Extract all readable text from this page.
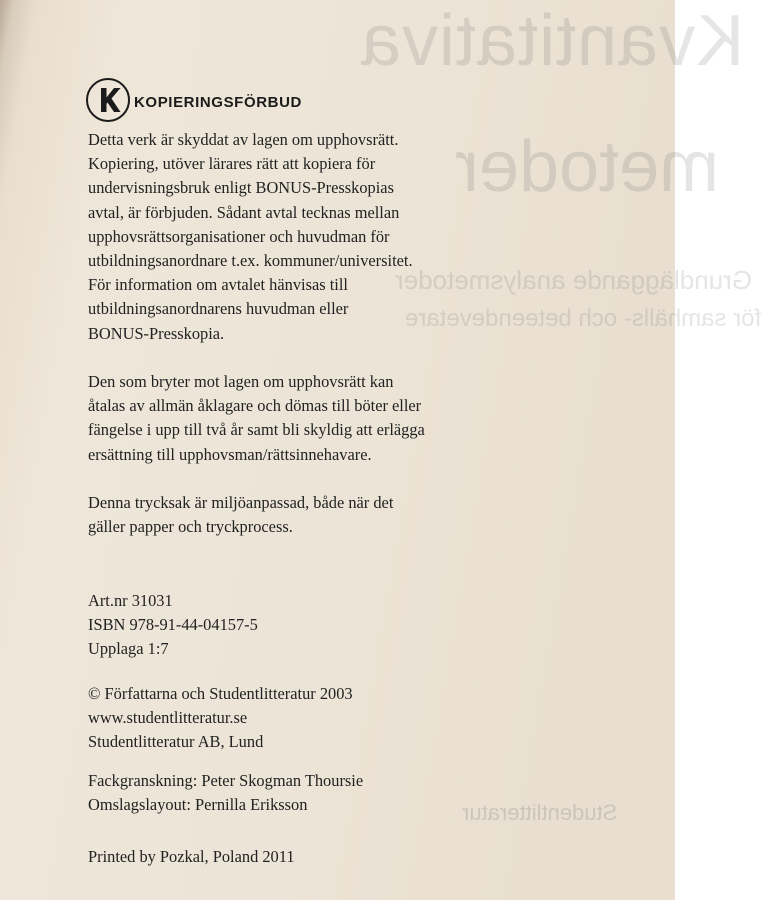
Kvantitativa
metoder
Grundläggande analysmetoder
för samhälls- och beteendevetare
Studentlitteratur
KOPIERINGSFÖRBUD
Detta verk är skyddat av lagen om upphovsrätt.
Kopiering, utöver lärares rätt att kopiera för
undervisningsbruk enligt BONUS-Presskopias
avtal, är förbjuden. Sådant avtal tecknas mellan
upphovsrättsorganisationer och huvudman för
utbildningsanordnare t.ex. kommuner/universitet.
För information om avtalet hänvisas till
utbildningsanordnarens huvudman eller
BONUS-Presskopia.
Den som bryter mot lagen om upphovsrätt kan
åtalas av allmän åklagare och dömas till böter eller
fängelse i upp till två år samt bli skyldig att erlägga
ersättning till upphovsman/rättsinnehavare.
Denna trycksak är miljöanpassad, både när det
gäller papper och tryckprocess.
Art.nr 31031
ISBN 978-91-44-04157-5
Upplaga 1:7
© Författarna och Studentlitteratur 2003
www.studentlitteratur.se
Studentlitteratur AB, Lund
Fackgranskning: Peter Skogman Thoursie
Omslagslayout: Pernilla Eriksson
Printed by Pozkal, Poland 2011
